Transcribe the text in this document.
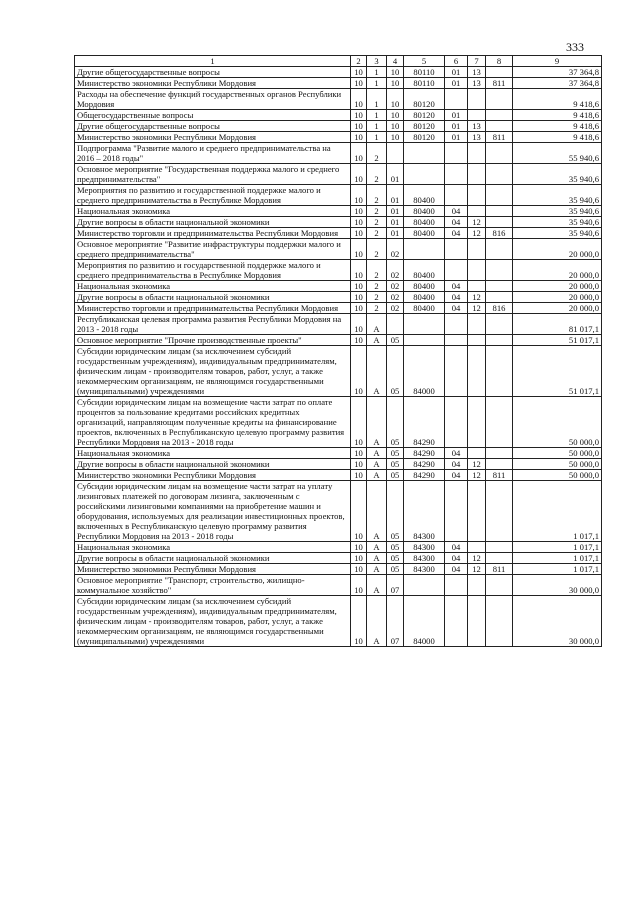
333
1	2	3	4	5	6	7	8	9
Другие общегосударственные вопросы	10	1	10	80110	01	13		37 364,8
Министерство экономики Республики Мордовия	10	1	10	80110	01	13	811	37 364,8
Расходы на обеспечение функций государственных органов Республики Мордовия	10	1	10	80120				9 418,6
Общегосударственные вопросы	10	1	10	80120	01			9 418,6
Другие общегосударственные вопросы	10	1	10	80120	01	13		9 418,6
Министерство экономики Республики Мордовия	10	1	10	80120	01	13	811	9 418,6
Подпрограмма "Развитие малого и среднего предпринимательства на 2016 – 2018 годы"	10	2						55 940,6
Основное мероприятие "Государственная поддержка малого и среднего предпринимательства"	10	2	01					35 940,6
Мероприятия по развитию и государственной поддержке малого и среднего предпринимательства в Республике Мордовия	10	2	01	80400				35 940,6
Национальная экономика	10	2	01	80400	04			35 940,6
Другие вопросы в области национальной экономики	10	2	01	80400	04	12		35 940,6
Министерство торговли и предпринимательства Республики Мордовия	10	2	01	80400	04	12	816	35 940,6
Основное мероприятие "Развитие инфраструктуры поддержки малого и среднего предпринимательства"	10	2	02					20 000,0
Мероприятия по развитию и государственной поддержке малого и среднего предпринимательства в Республике Мордовия	10	2	02	80400				20 000,0
Национальная экономика	10	2	02	80400	04			20 000,0
Другие вопросы в области национальной экономики	10	2	02	80400	04	12		20 000,0
Министерство торговли и предпринимательства Республики Мордовия	10	2	02	80400	04	12	816	20 000,0
Республиканская целевая программа развития Республики Мордовия на 2013 - 2018 годы	10	А						81 017,1
Основное мероприятие "Прочие производственные проекты"	10	А	05					51 017,1
Субсидии юридическим лицам (за исключением субсидий государственным учреждениям), индивидуальным предпринимателям, физическим лицам - производителям товаров, работ, услуг, а также некоммерческим организациям, не являющимся государственными (муниципальными) учреждениями	10	А	05	84000				51 017,1
Субсидии юридическим лицам на возмещение части затрат по оплате процентов за пользование кредитами российских кредитных организаций, направляющим полученные кредиты на финансирование проектов, включенных в Республиканскую целевую программу развития Республики Мордовия на 2013 - 2018 годы	10	А	05	84290				50 000,0
Национальная экономика	10	А	05	84290	04			50 000,0
Другие вопросы в области национальной экономики	10	А	05	84290	04	12		50 000,0
Министерство экономики Республики Мордовия	10	А	05	84290	04	12	811	50 000,0
Субсидии юридическим лицам на возмещение части затрат на уплату лизинговых платежей по договорам лизинга, заключенным с российскими лизинговыми компаниями на приобретение машин и оборудования, используемых для реализации инвестиционных проектов, включенных в Республиканскую целевую программу развития Республики Мордовия на 2013 - 2018 годы	10	А	05	84300				1 017,1
Национальная экономика	10	А	05	84300	04			1 017,1
Другие вопросы в области национальной экономики	10	А	05	84300	04	12		1 017,1
Министерство экономики Республики Мордовия	10	А	05	84300	04	12	811	1 017,1
Основное мероприятие "Транспорт, строительство, жилищно-коммунальное хозяйство"	10	А	07					30 000,0
Субсидии юридическим лицам (за исключением субсидий государственным учреждениям), индивидуальным предпринимателям, физическим лицам - производителям товаров, работ, услуг, а также некоммерческим организациям, не являющимся государственными (муниципальными) учреждениями	10	А	07	84000				30 000,0
